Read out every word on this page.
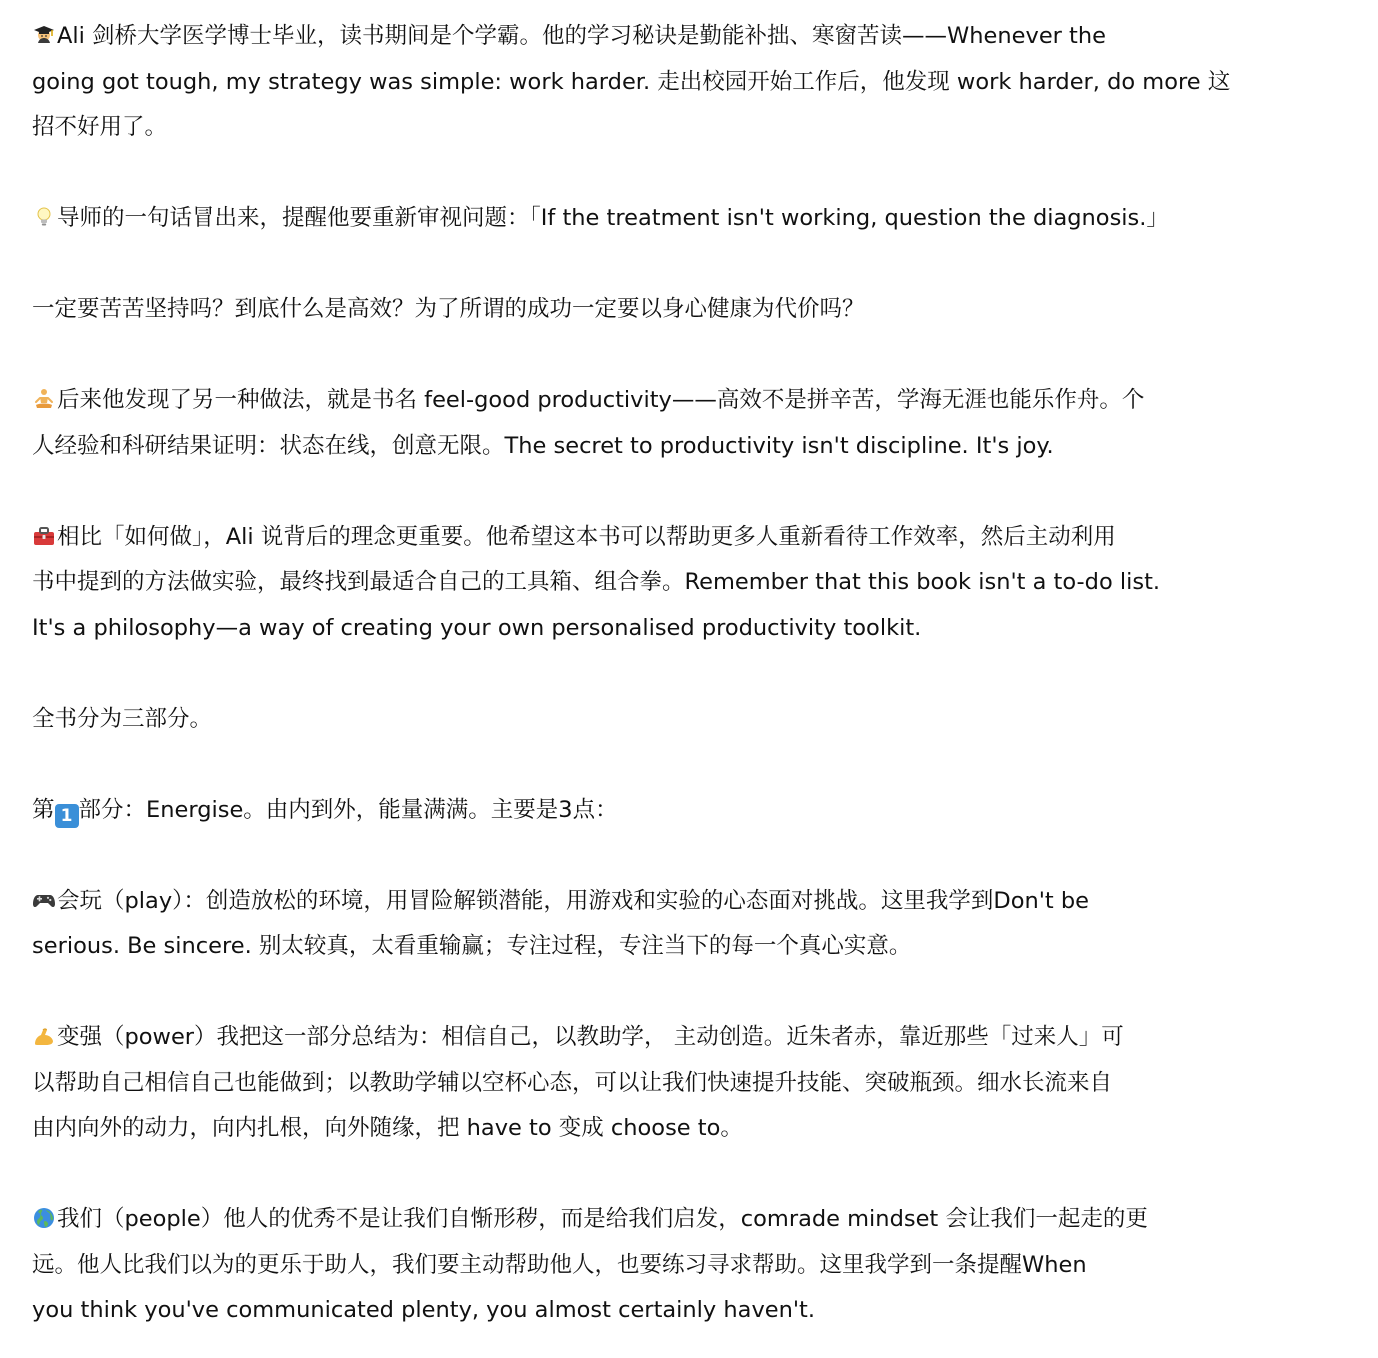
Ali 剑桥大学医学博士毕业，读书期间是个学霸。他的学习秘诀是勤能补拙、寒窗苦读——Whenever the
going got tough, my strategy was simple: work harder. 走出校园开始工作后，他发现 work harder, do more 这
招不好用了。
导师的一句话冒出来，提醒他要重新审视问题：「If the treatment isn't working, question the diagnosis.」
一定要苦苦坚持吗？到底什么是高效？为了所谓的成功一定要以身心健康为代价吗？
后来他发现了另一种做法，就是书名 feel-good productivity——高效不是拼辛苦，学海无涯也能乐作舟。个
人经验和科研结果证明：状态在线，创意无限。The secret to productivity isn't discipline. It's joy.
相比「如何做」，Ali 说背后的理念更重要。他希望这本书可以帮助更多人重新看待工作效率，然后主动利用
书中提到的方法做实验，最终找到最适合自己的工具箱、组合拳。Remember that this book isn't a to-do list.
It's a philosophy—a way of creating your own personalised productivity toolkit.
全书分为三部分。
第 1 部分：Energise。由内到外，能量满满。主要是3点：
会玩（play）：创造放松的环境，用冒险解锁潜能，用游戏和实验的心态面对挑战。这里我学到Don't be
serious. Be sincere. 别太较真，太看重输赢；专注过程，专注当下的每一个真心实意。
变强（power）我把这一部分总结为：相信自己，以教助学， 主动创造。近朱者赤，靠近那些「过来人」可
以帮助自己相信自己也能做到；以教助学辅以空杯心态，可以让我们快速提升技能、突破瓶颈。细水长流来自
由内向外的动力，向内扎根，向外随缘，把 have to 变成 choose to。
我们（people）他人的优秀不是让我们自惭形秽，而是给我们启发，comrade mindset 会让我们一起走的更
远。他人比我们以为的更乐于助人，我们要主动帮助他人，也要练习寻求帮助。这里我学到一条提醒When
you think you've communicated plenty, you almost certainly haven't.
